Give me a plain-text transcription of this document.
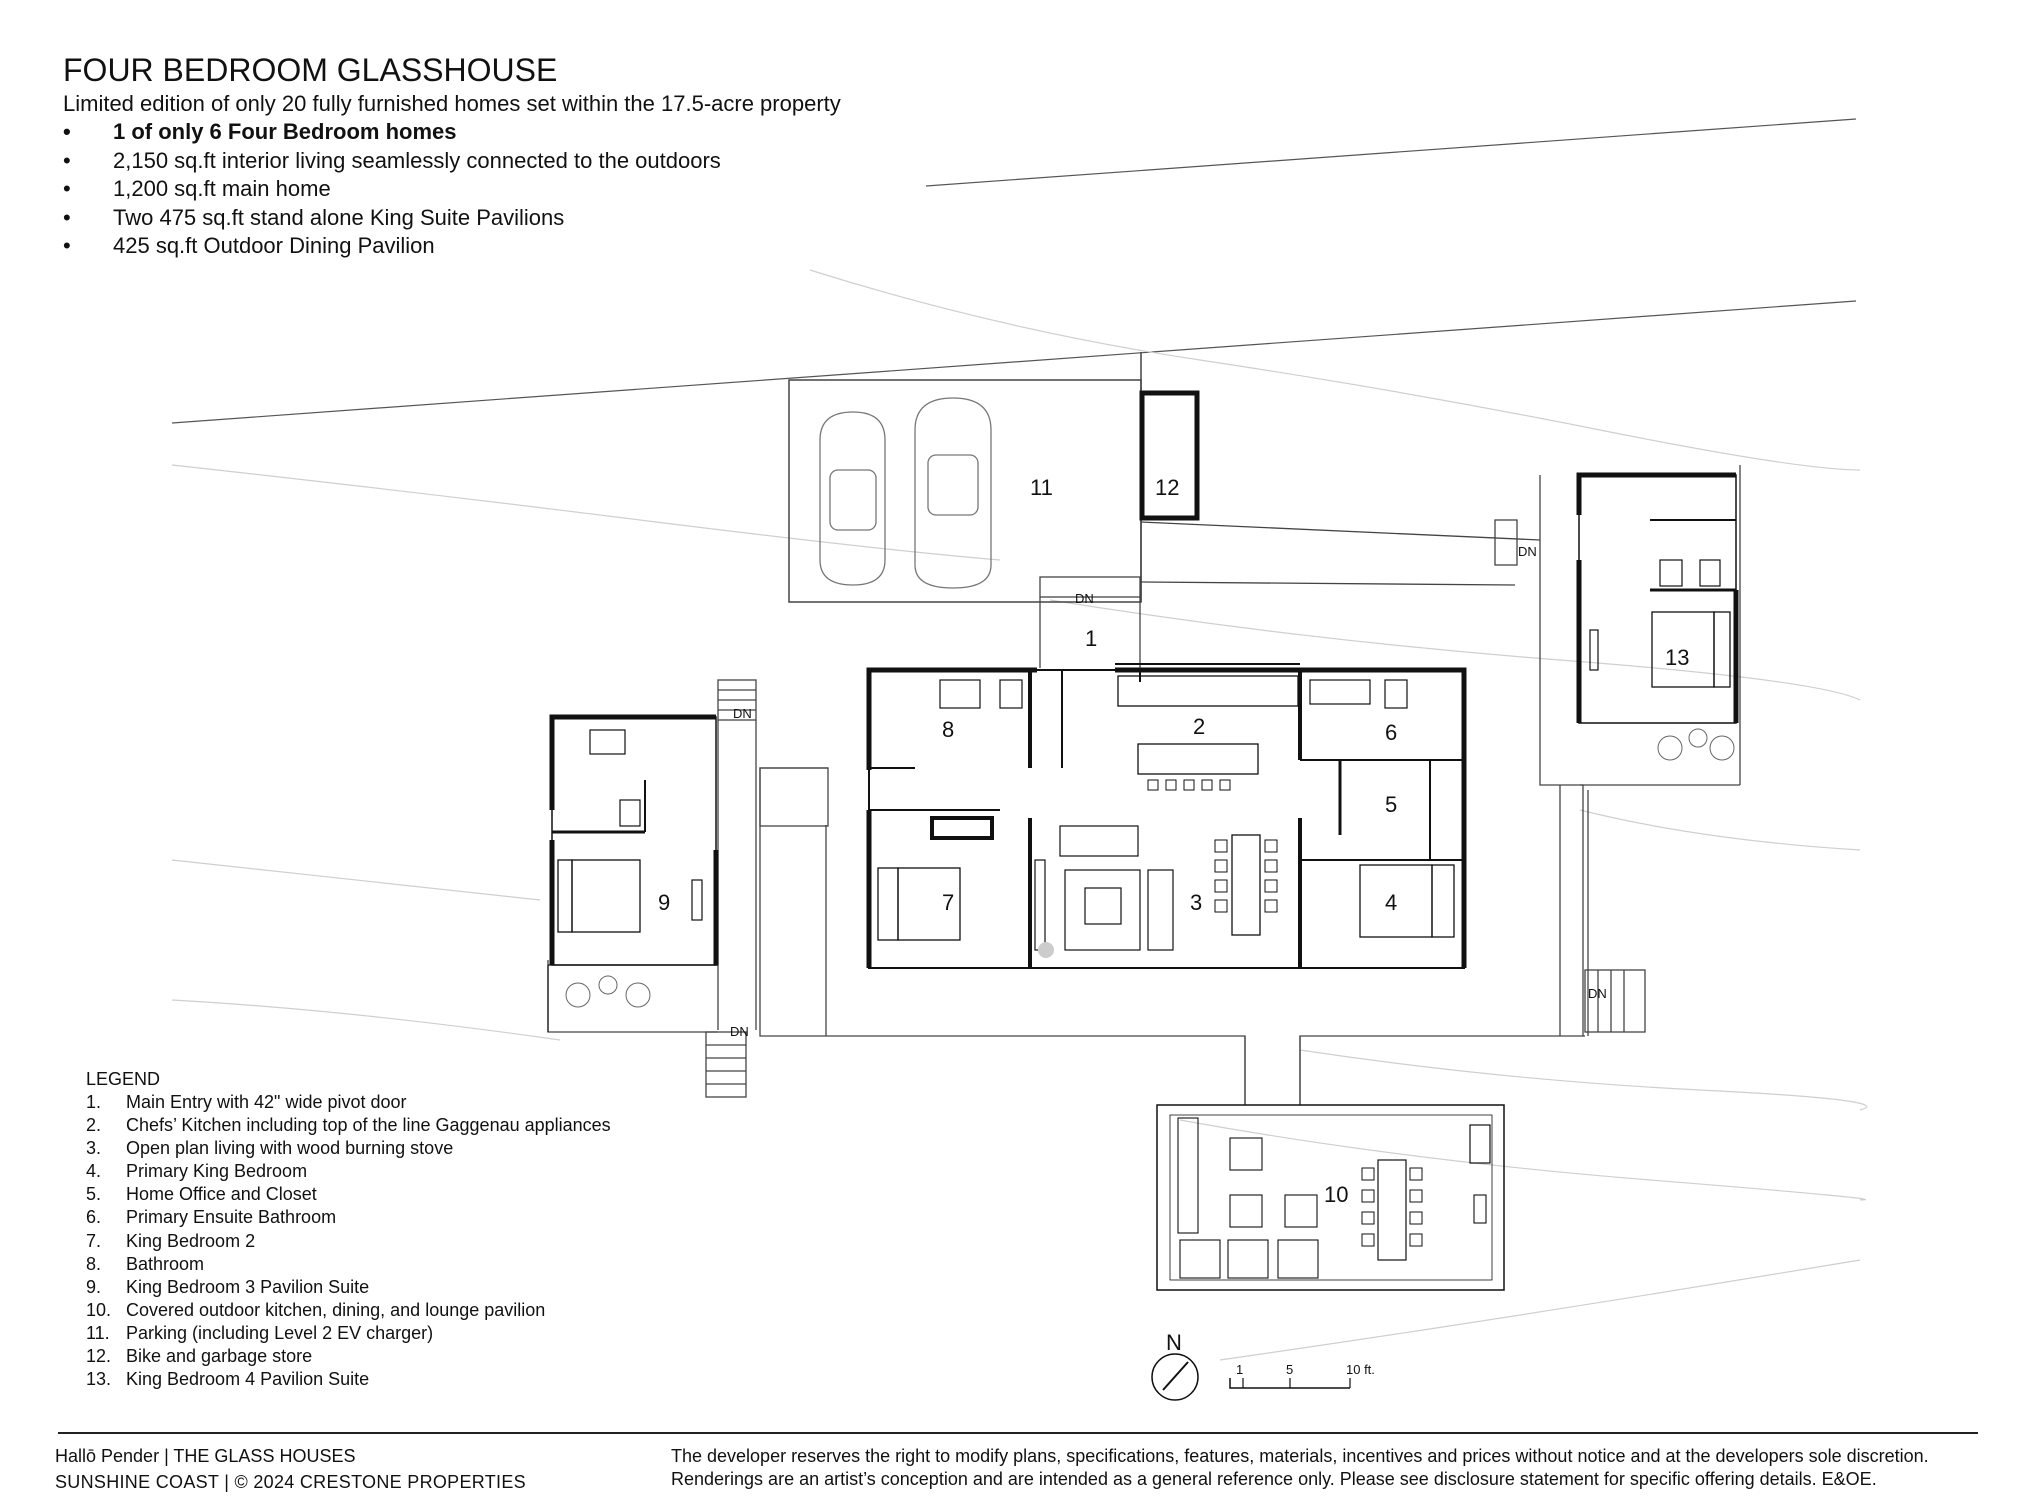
FOUR BEDROOM GLASSHOUSE
Limited edition of only 20 fully furnished homes set within the 17.5-acre property
• 1 of only 6 Four Bedroom homes
• 2,150 sq.ft interior living seamlessly connected to the outdoors
• 1,200 sq.ft main home
• Two 475 sq.ft stand alone King Suite Pavilions
• 425 sq.ft Outdoor Dining Pavilion
DN
DN
DN
DN
DN
1
2
3	4
5
6
7
8
9
10
11	12
13
N
1	5	10 ft.
LEGEND
1. Main Entry with 42" wide pivot door
2. Chefs’ Kitchen including top of the line Gaggenau appliances
3. Open plan living with wood burning stove
4. Primary King Bedroom
5. Home Office and Closet
6. Primary Ensuite Bathroom
7. King Bedroom 2
8. Bathroom
9. King Bedroom 3 Pavilion Suite
10. Covered outdoor kitchen, dining, and lounge pavilion
11. Parking (including Level 2 EV charger)
12. Bike and garbage store
13. King Bedroom 4 Pavilion Suite
Hallō Pender | THE GLASS HOUSES
SUNSHINE COAST | © 2024 CRESTONE PROPERTIES
The developer reserves the right to modify plans, specifications, features, materials, incentives and prices without notice and at the developers sole discretion.
Renderings are an artist’s conception and are intended as a general reference only. Please see disclosure statement for specific offering details. E&OE.
